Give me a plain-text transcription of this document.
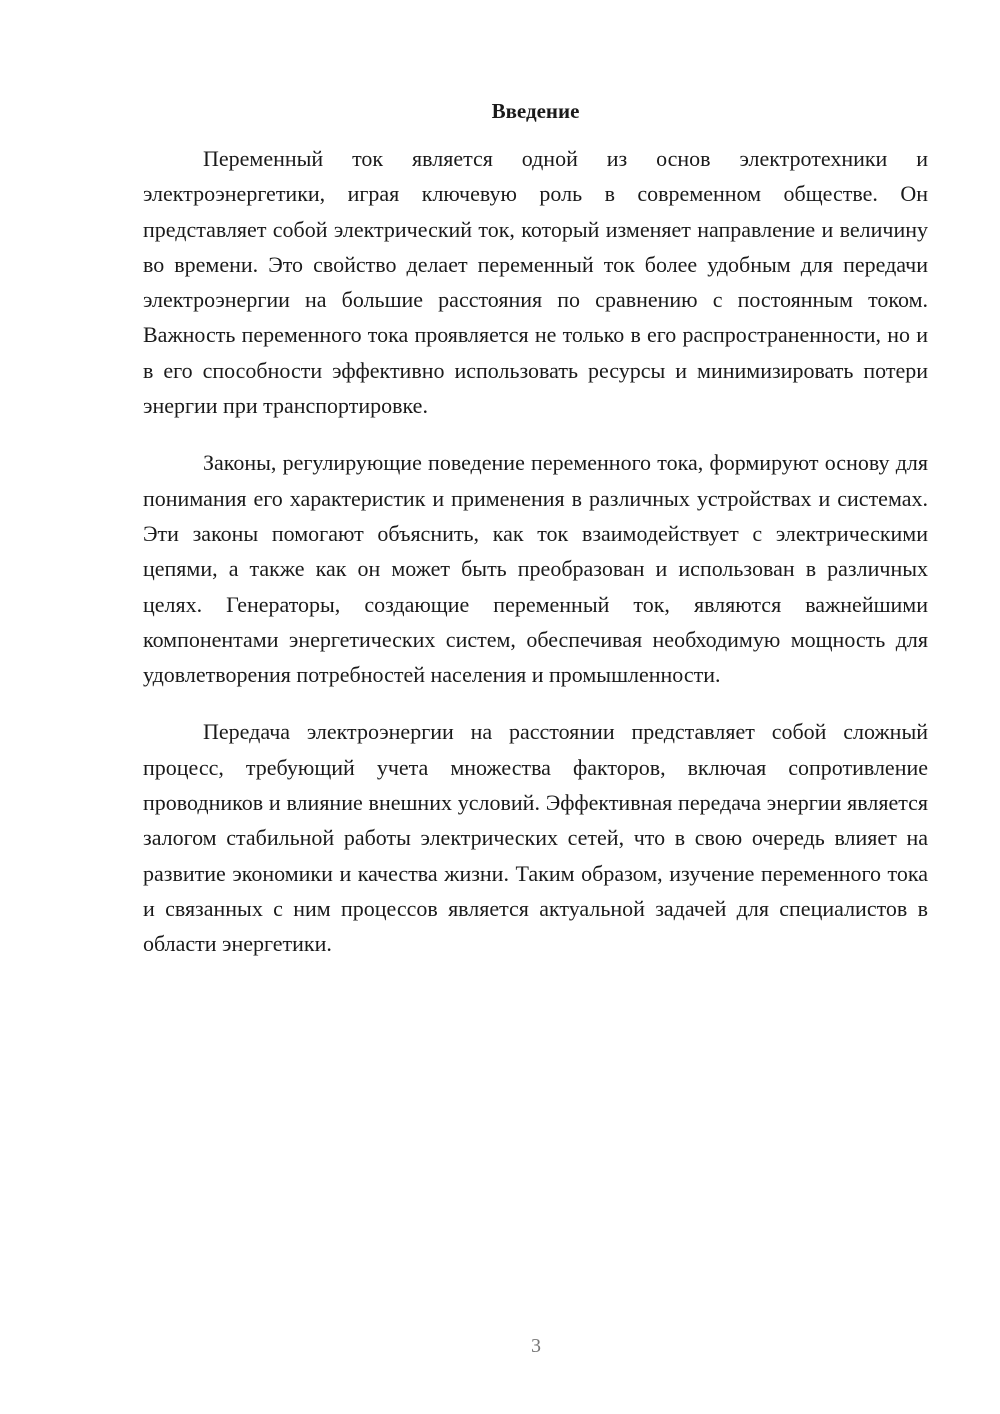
Введение

Переменный ток является одной из основ электротехники и электроэнергетики, играя ключевую роль в современном обществе. Он представляет собой электрический ток, который изменяет направление и величину во времени. Это свойство делает переменный ток более удобным для передачи электроэнергии на большие расстояния по сравнению с постоянным током. Важность переменного тока проявляется не только в его распространенности, но и в его способности эффективно использовать ресурсы и минимизировать потери энергии при транспортировке.

Законы, регулирующие поведение переменного тока, формируют основу для понимания его характеристик и применения в различных устройствах и системах. Эти законы помогают объяснить, как ток взаимодействует с электрическими цепями, а также как он может быть преобразован и использован в различных целях. Генераторы, создающие переменный ток, являются важнейшими компонентами энергетических систем, обеспечивая необходимую мощность для удовлетворения потребностей населения и промышленности.

Передача электроэнергии на расстоянии представляет собой сложный процесс, требующий учета множества факторов, включая сопротивление проводников и влияние внешних условий. Эффективная передача энергии является залогом стабильной работы электрических сетей, что в свою очередь влияет на развитие экономики и качества жизни. Таким образом, изучение переменного тока и связанных с ним процессов является актуальной задачей для специалистов в области энергетики.

3
